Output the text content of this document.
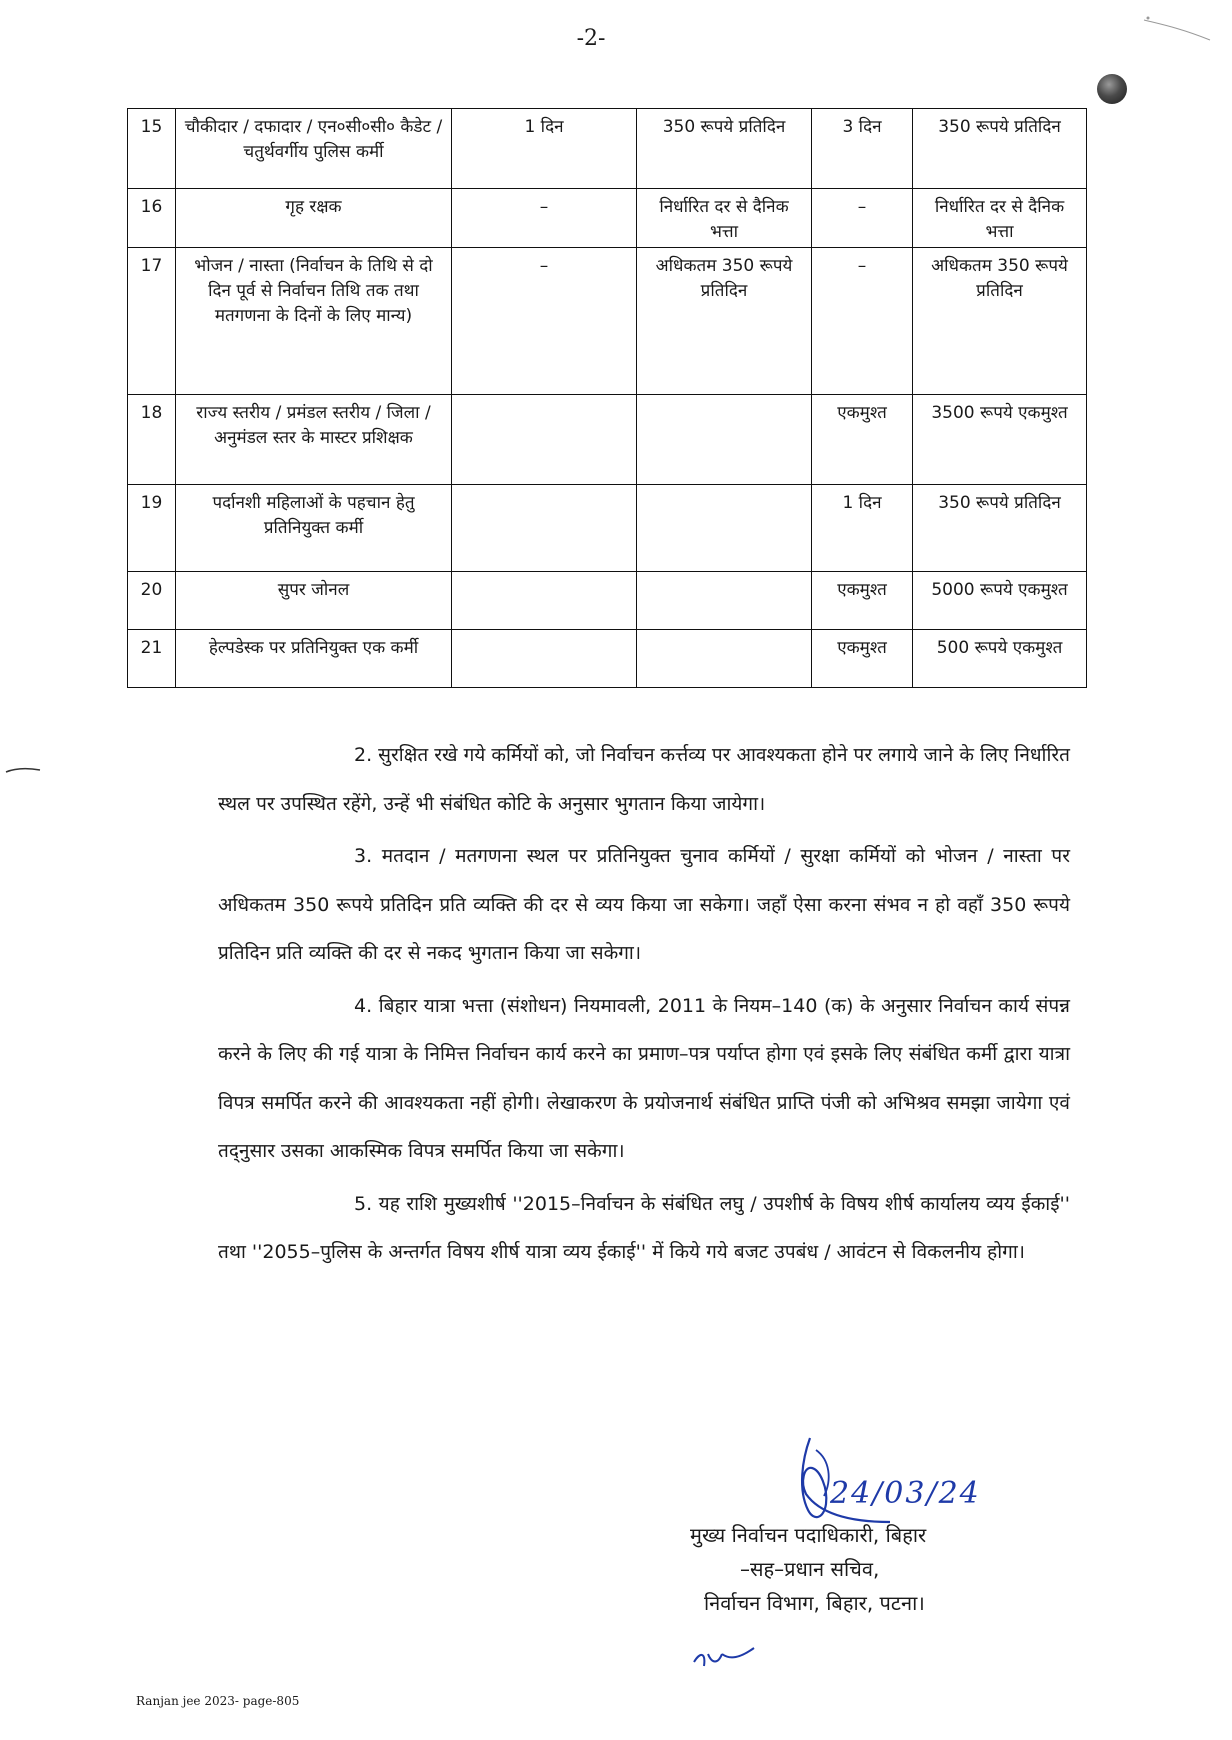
-2-
15	चौकीदार / दफादार / एन०सी०सी० कैडेट / चतुर्थवर्गीय पुलिस कर्मी	1 दिन	350 रूपये प्रतिदिन	3 दिन	350 रूपये प्रतिदिन
16	गृह रक्षक	–	निर्धारित दर से दैनिक भत्ता	–	निर्धारित दर से दैनिक भत्ता
17	भोजन / नास्ता (निर्वाचन के तिथि से दो दिन पूर्व से निर्वाचन तिथि तक तथा मतगणना के दिनों के लिए मान्य)	–	अधिकतम 350 रूपये प्रतिदिन	–	अधिकतम 350 रूपये प्रतिदिन
18	राज्य स्तरीय / प्रमंडल स्तरीय / जिला / अनुमंडल स्तर के मास्टर प्रशिक्षक			एकमुश्त	3500 रूपये एकमुश्त
19	पर्दानशी महिलाओं के पहचान हेतु प्रतिनियुक्त कर्मी			1 दिन	350 रूपये प्रतिदिन
20	सुपर जोनल			एकमुश्त	5000 रूपये एकमुश्त
21	हेल्पडेस्क पर प्रतिनियुक्त एक कर्मी			एकमुश्त	500 रूपये एकमुश्त

2. सुरक्षित रखे गये कर्मियों को, जो निर्वाचन कर्त्तव्य पर आवश्यकता होने पर लगाये जाने के लिए निर्धारित स्थल पर उपस्थित रहेंगे, उन्हें भी संबंधित कोटि के अनुसार भुगतान किया जायेगा।

3. मतदान / मतगणना स्थल पर प्रतिनियुक्त चुनाव कर्मियों / सुरक्षा कर्मियों को भोजन / नास्ता पर अधिकतम 350 रूपये प्रतिदिन प्रति व्यक्ति की दर से व्यय किया जा सकेगा। जहाँ ऐसा करना संभव न हो वहाँ 350 रूपये प्रतिदिन प्रति व्यक्ति की दर से नकद भुगतान किया जा सकेगा।

4. बिहार यात्रा भत्ता (संशोधन) नियमावली, 2011 के नियम–140 (क) के अनुसार निर्वाचन कार्य संपन्न करने के लिए की गई यात्रा के निमित्त निर्वाचन कार्य करने का प्रमाण–पत्र पर्याप्त होगा एवं इसके लिए संबंधित कर्मी द्वारा यात्रा विपत्र समर्पित करने की आवश्यकता नहीं होगी। लेखाकरण के प्रयोजनार्थ संबंधित प्राप्ति पंजी को अभिश्रव समझा जायेगा एवं तद्नुसार उसका आकस्मिक विपत्र समर्पित किया जा सकेगा।

5. यह राशि मुख्यशीर्ष ''2015–निर्वाचन के संबंधित लघु / उपशीर्ष के विषय शीर्ष कार्यालय व्यय ईकाई'' तथा ''2055–पुलिस के अन्तर्गत विषय शीर्ष यात्रा व्यय ईकाई'' में किये गये बजट उपबंध / आवंटन से विकलनीय होगा।

24/03/24
मुख्य निर्वाचन पदाधिकारी, बिहार
–सह–प्रधान सचिव,
निर्वाचन विभाग, बिहार, पटना।
Ranjan jee 2023- page-805
